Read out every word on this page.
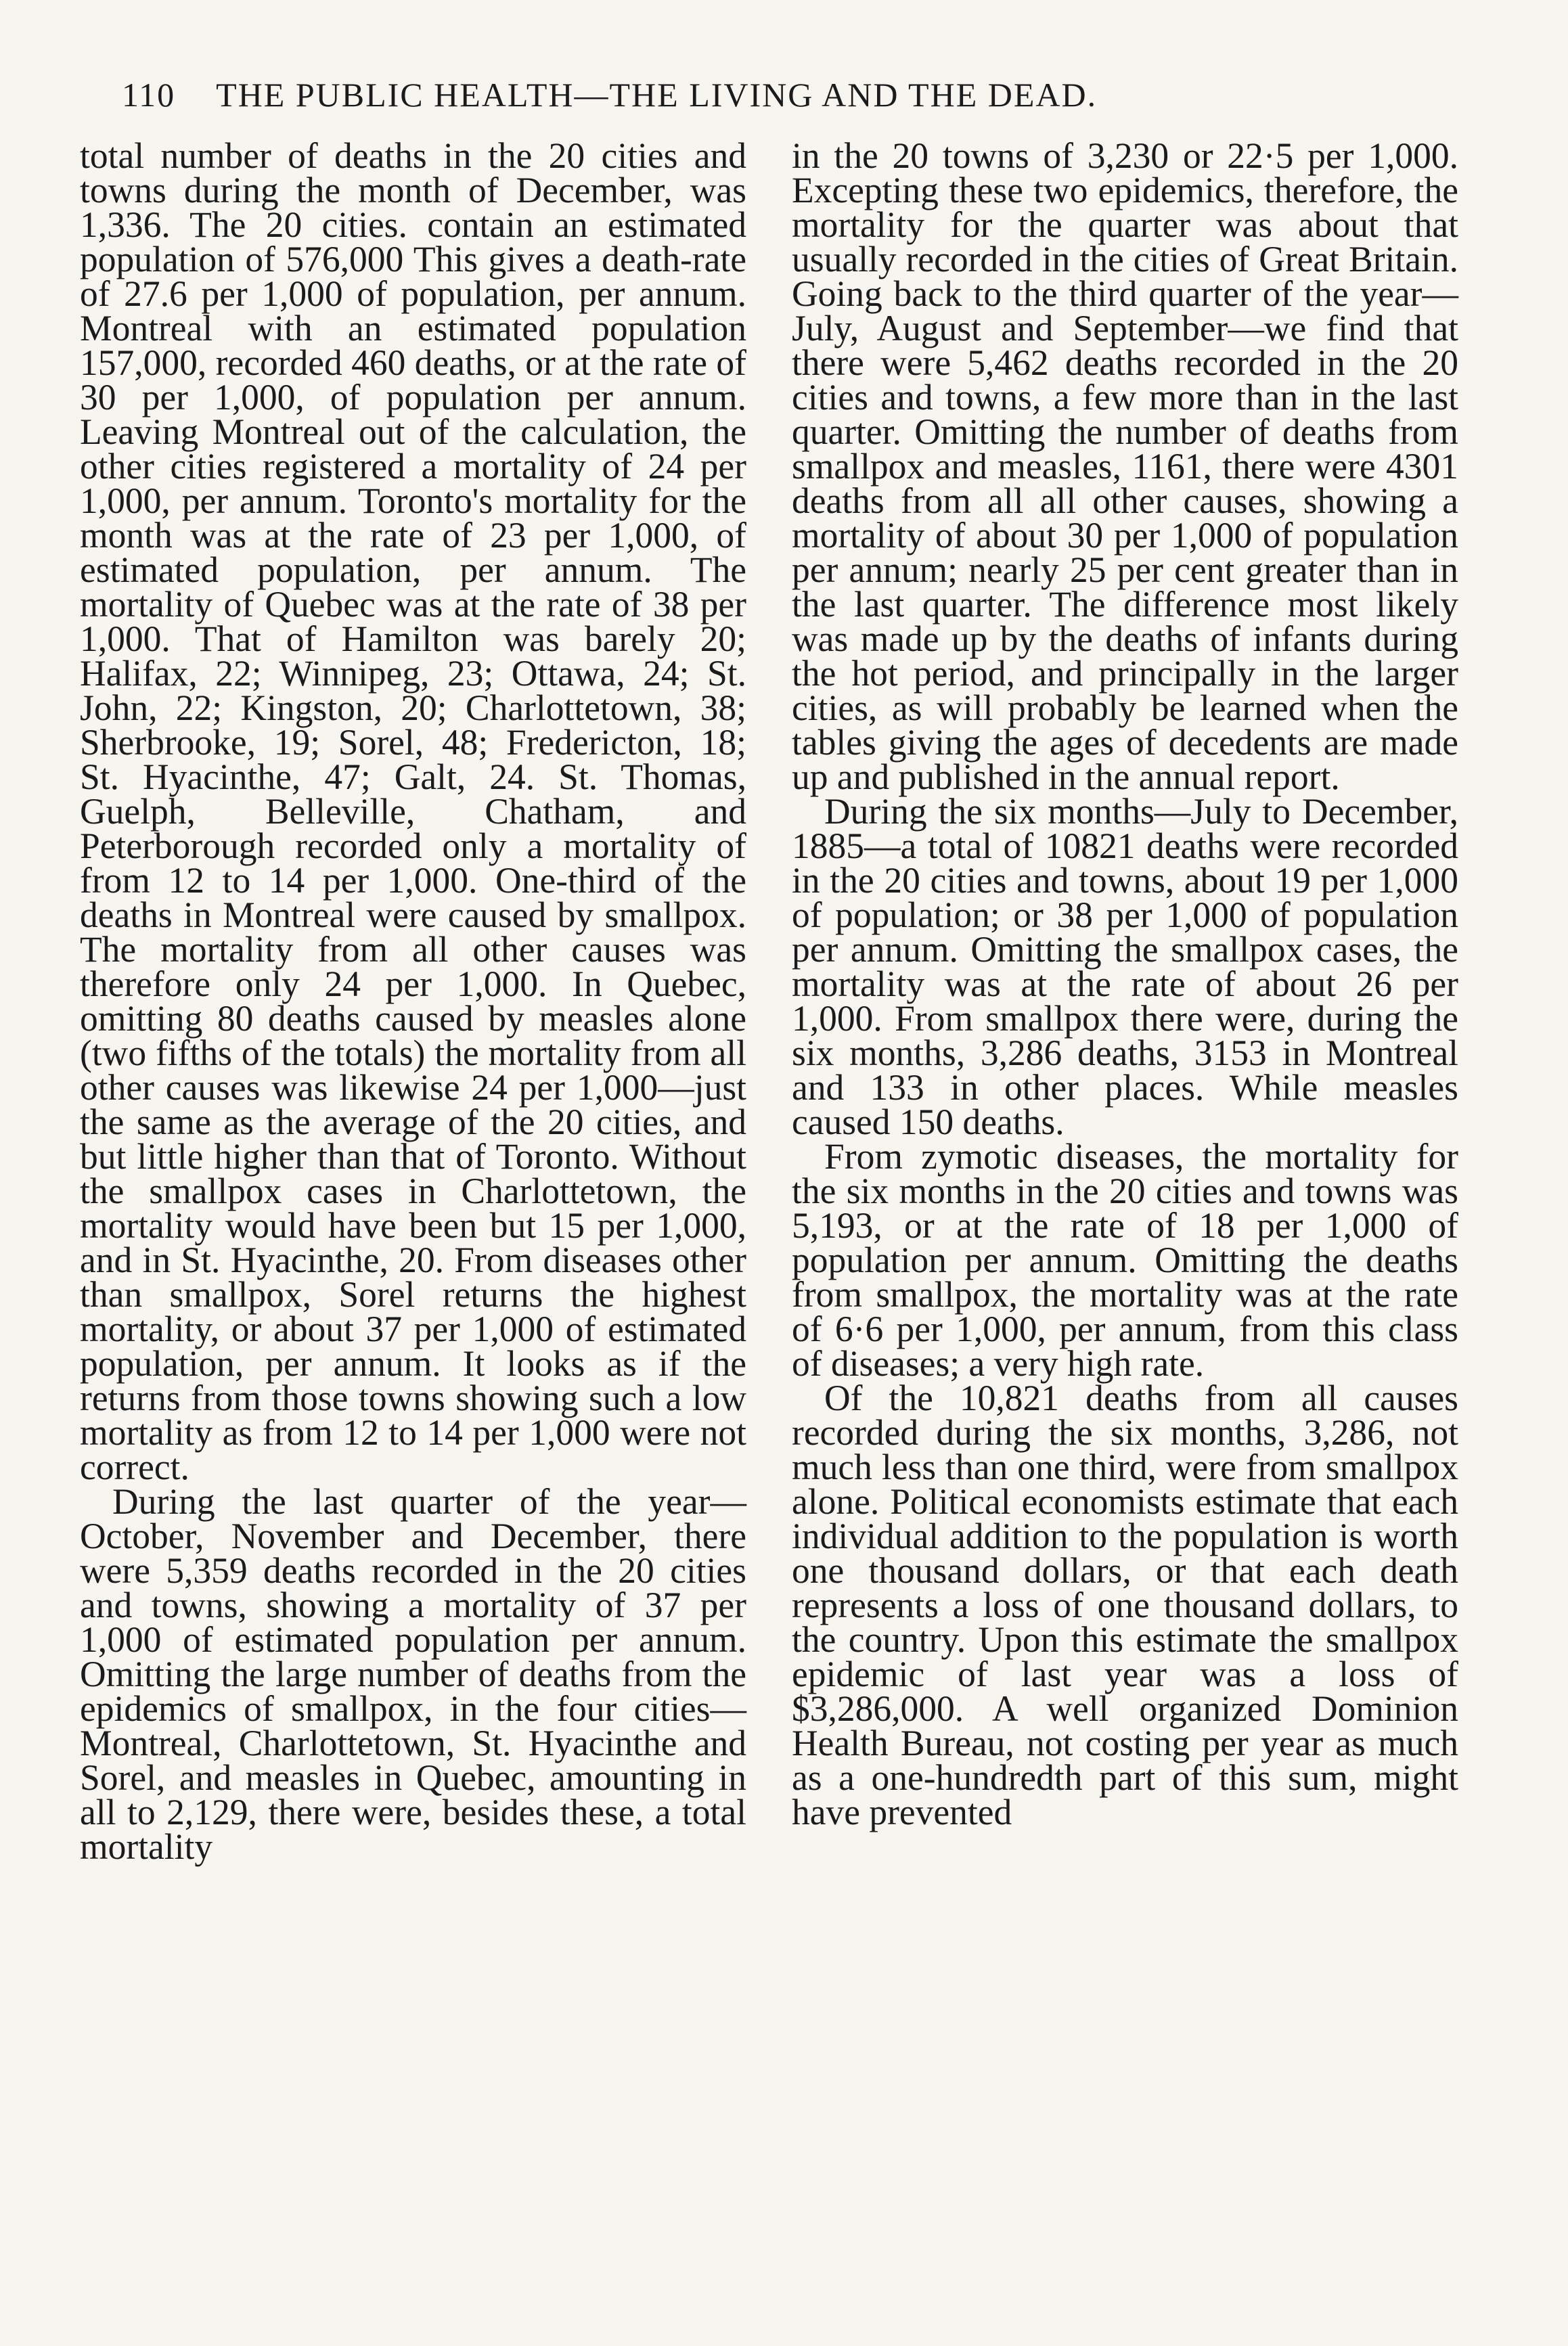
110 THE PUBLIC HEALTH—THE LIVING AND THE DEAD.

total number of deaths in the 20 cities and towns during the month of December, was 1,336. The 20 cities. contain an estimated population of 576,000 This gives a death-rate of 27.6 per 1,000 of population, per annum. Montreal with an estimated population 157,000, recorded 460 deaths, or at the rate of 30 per 1,000, of population per annum. Leaving Montreal out of the calculation, the other cities registered a mortality of 24 per 1,000, per annum. Toronto's mortality for the month was at the rate of 23 per 1,000, of estimated population, per annum. The mortality of Quebec was at the rate of 38 per 1,000. That of Hamilton was barely 20; Halifax, 22; Winnipeg, 23; Ottawa, 24; St. John, 22; Kingston, 20; Charlottetown, 38; Sherbrooke, 19; Sorel, 48; Fredericton, 18; St. Hyacinthe, 47; Galt, 24. St. Thomas, Guelph, Belleville, Chatham, and Peterborough recorded only a mortality of from 12 to 14 per 1,000. One-third of the deaths in Montreal were caused by smallpox. The mortality from all other causes was therefore only 24 per 1,000. In Quebec, omitting 80 deaths caused by measles alone (two fifths of the totals) the mortality from all other causes was likewise 24 per 1,000—just the same as the average of the 20 cities, and but little higher than that of Toronto. Without the smallpox cases in Charlottetown, the mortality would have been but 15 per 1,000, and in St. Hyacinthe, 20. From diseases other than smallpox, Sorel returns the highest mortality, or about 37 per 1,000 of estimated population, per annum. It looks as if the returns from those towns showing such a low mortality as from 12 to 14 per 1,000 were not correct.

During the last quarter of the year—October, November and December, there were 5,359 deaths recorded in the 20 cities and towns, showing a mortality of 37 per 1,000 of estimated population per annum. Omitting the large number of deaths from the epidemics of smallpox, in the four cities—Montreal, Charlottetown, St. Hyacinthe and Sorel, and measles in Quebec, amounting in all to 2,129, there were, besides these, a total mortality

in the 20 towns of 3,230 or 22·5 per 1,000. Excepting these two epidemics, therefore, the mortality for the quarter was about that usually recorded in the cities of Great Britain. Going back to the third quarter of the year—July, August and September—we find that there were 5,462 deaths recorded in the 20 cities and towns, a few more than in the last quarter. Omitting the number of deaths from smallpox and measles, 1161, there were 4301 deaths from all all other causes, showing a mortality of about 30 per 1,000 of population per annum; nearly 25 per cent greater than in the last quarter. The difference most likely was made up by the deaths of infants during the hot period, and principally in the larger cities, as will probably be learned when the tables giving the ages of decedents are made up and published in the annual report.

During the six months—July to December, 1885—a total of 10821 deaths were recorded in the 20 cities and towns, about 19 per 1,000 of population; or 38 per 1,000 of population per annum. Omitting the smallpox cases, the mortality was at the rate of about 26 per 1,000. From smallpox there were, during the six months, 3,286 deaths, 3153 in Montreal and 133 in other places. While measles caused 150 deaths.

From zymotic diseases, the mortality for the six months in the 20 cities and towns was 5,193, or at the rate of 18 per 1,000 of population per annum. Omitting the deaths from smallpox, the mortality was at the rate of 6·6 per 1,000, per annum, from this class of diseases; a very high rate.

Of the 10,821 deaths from all causes recorded during the six months, 3,286, not much less than one third, were from smallpox alone. Political economists estimate that each individual addition to the population is worth one thousand dollars, or that each death represents a loss of one thousand dollars, to the country. Upon this estimate the smallpox epidemic of last year was a loss of $3,286,000. A well organized Dominion Health Bureau, not costing per year as much as a one-hundredth part of this sum, might have prevented
